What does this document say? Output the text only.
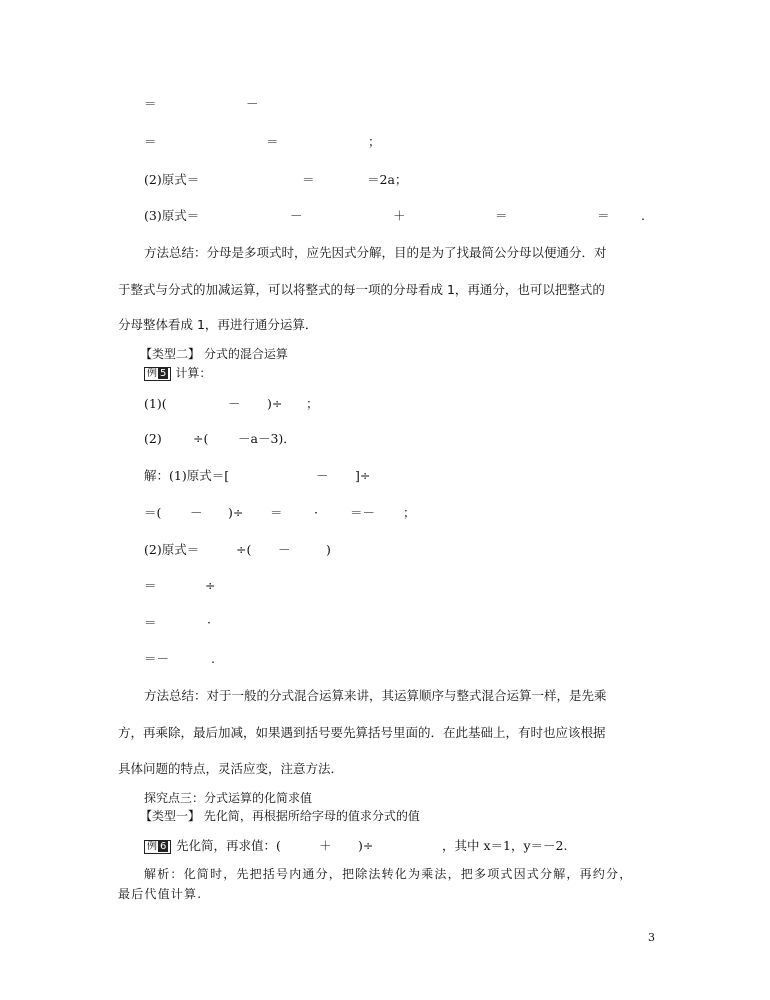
＝	－
＝	＝	；
(2)原式＝	＝	＝2a；
(3)原式＝	－	＋	＝	＝	.
方法总结：分母是多项式时，应先因式分解，目的是为了找最简公分母以便通分．对
于整式与分式的加减运算，可以将整式的每一项的分母看成 1，再通分，也可以把整式的
分母整体看成 1，再进行通分运算．
【类型二】 分式的混合运算
例 5 计算：
(1)(	－ )÷ ；
(2)	÷( －a－3)．
解：(1)原式＝[	－ ]÷
＝( － )÷ ＝	·	＝－ ；
(2)原式＝	÷( －	)
＝	÷
＝	·
＝－	.
方法总结：对于一般的分式混合运算来讲，其运算顺序与整式混合运算一样，是先乘
方，再乘除，最后加减，如果遇到括号要先算括号里面的．在此基础上，有时也应该根据
具体问题的特点，灵活应变，注意方法．
探究点三：分式运算的化简求值
【类型一】 先化简，再根据所给字母的值求分式的值
例 6 先化简，再求值：(	＋ )÷	，其中 x＝1，y＝－2.
解析：化简时，先把括号内通分，把除法转化为乘法，把多项式因式分解，再约分，
最后代值计算.
3
